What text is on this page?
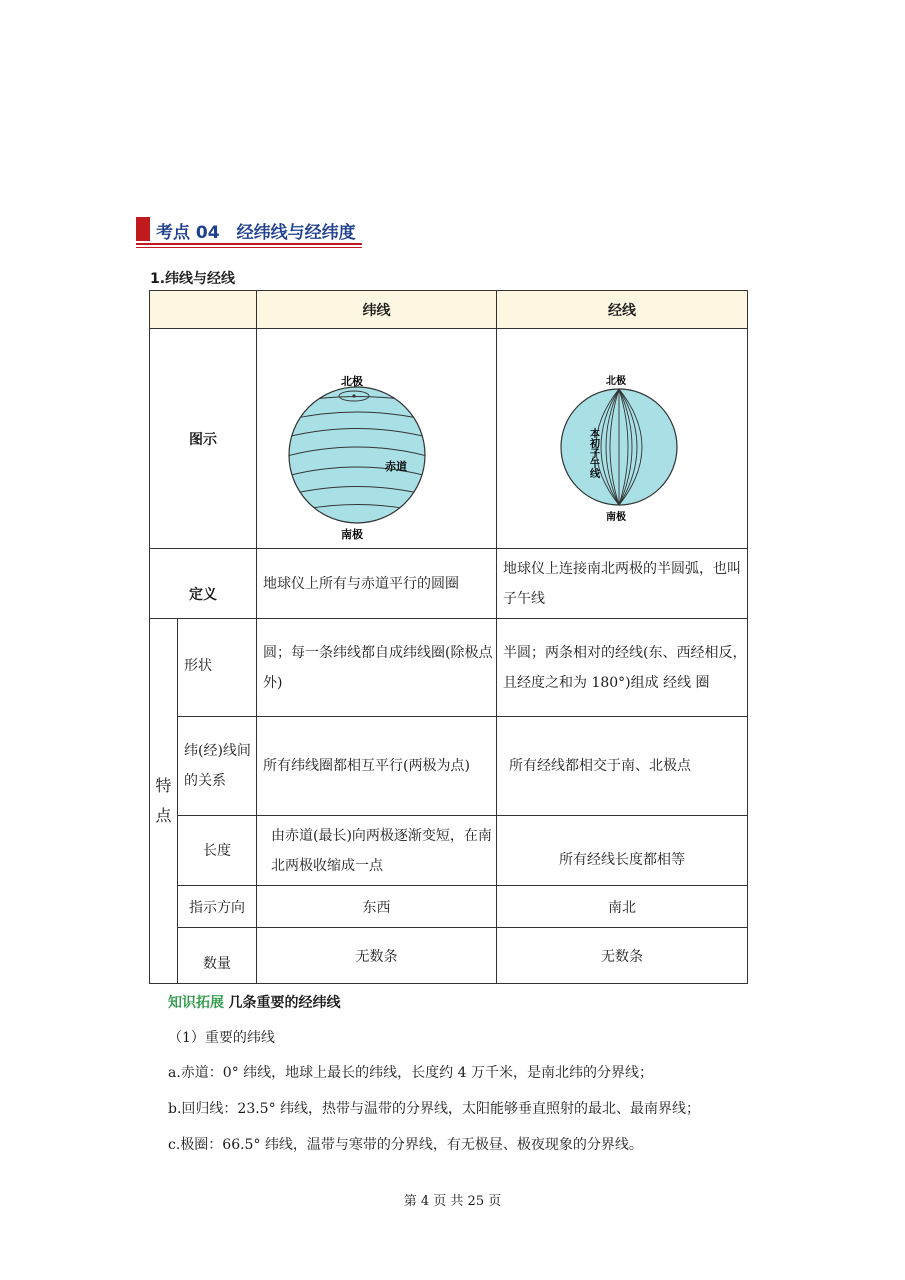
考点 04　经纬线与经纬度
1.纬线与经线
		纬线	经线
图示		北极
赤道
南极	北极
南极
本初子午线

定义		地球仪上所有与赤道平行的圆圈	地球仪上连接南北两极的半圆弧，也叫子午线
特点	形状	圆；每一条纬线都自成纬线圈(除极点外)	半圆；两条相对的经线(东、西经相反，且经度之和为 180°)组成 经线 圈
	纬(经)线间的关系	所有纬线圈都相互平行(两极为点)	所有经线都相交于南、北极点
	长度	由赤道(最长)向两极逐渐变短，在南北两极收缩成一点	所有经线长度都相等
	指示方向	东西	南北
	数量	无数条	无数条
知识拓展 几条重要的经纬线
（1）重要的纬线
a.赤道：0° 纬线，地球上最长的纬线，长度约 4 万千米，是南北纬的分界线；
b.回归线：23.5° 纬线，热带与温带的分界线，太阳能够垂直照射的最北、最南界线；
c.极圈：66.5° 纬线，温带与寒带的分界线，有无极昼、极夜现象的分界线。
第 4 页 共 25 页
